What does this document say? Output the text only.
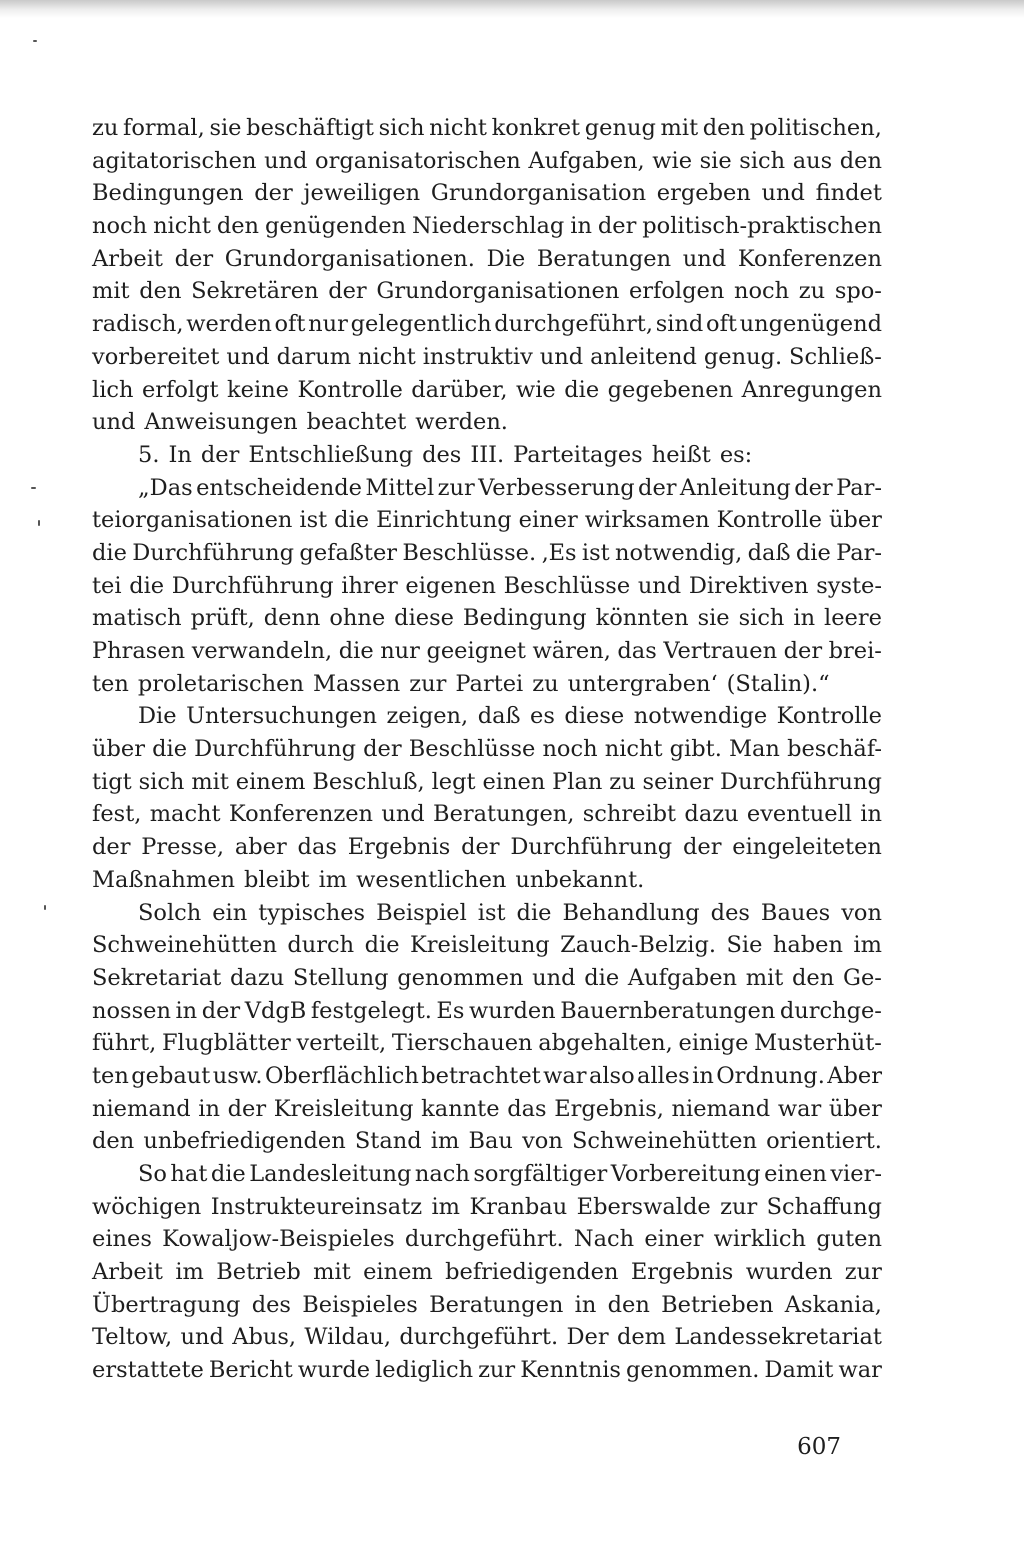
zu formal, sie beschäftigt sich nicht konkret genug mit den politischen,
agitatorischen und organisatorischen Aufgaben, wie sie sich aus den
Bedingungen der jeweiligen Grundorganisation ergeben und findet
noch nicht den genügenden Niederschlag in der politisch-praktischen
Arbeit der Grundorganisationen. Die Beratungen und Konferenzen
mit den Sekretären der Grundorganisationen erfolgen noch zu spo-
radisch, werden oft nur gelegentlich durchgeführt, sind oft ungenügend
vorbereitet und darum nicht instruktiv und anleitend genug. Schließ-
lich erfolgt keine Kontrolle darüber, wie die gegebenen Anregungen
und Anweisungen beachtet werden.
5. In der Entschließung des III. Parteitages heißt es:
„Das entscheidende Mittel zur Verbesserung der Anleitung der Par-
teiorganisationen ist die Einrichtung einer wirksamen Kontrolle über
die Durchführung gefaßter Beschlüsse. ‚Es ist notwendig, daß die Par-
tei die Durchführung ihrer eigenen Beschlüsse und Direktiven syste-
matisch prüft, denn ohne diese Bedingung könnten sie sich in leere
Phrasen verwandeln, die nur geeignet wären, das Vertrauen der brei-
ten proletarischen Massen zur Partei zu untergraben‘ (Stalin).“
Die Untersuchungen zeigen, daß es diese notwendige Kontrolle
über die Durchführung der Beschlüsse noch nicht gibt. Man beschäf-
tigt sich mit einem Beschluß, legt einen Plan zu seiner Durchführung
fest, macht Konferenzen und Beratungen, schreibt dazu eventuell in
der Presse, aber das Ergebnis der Durchführung der eingeleiteten
Maßnahmen bleibt im wesentlichen unbekannt.
Solch ein typisches Beispiel ist die Behandlung des Baues von
Schweinehütten durch die Kreisleitung Zauch-Belzig. Sie haben im
Sekretariat dazu Stellung genommen und die Aufgaben mit den Ge-
nossen in der VdgB festgelegt. Es wurden Bauernberatungen durchge-
führt, Flugblätter verteilt, Tierschauen abgehalten, einige Musterhüt-
ten gebaut usw. Oberflächlich betrachtet war also alles in Ordnung. Aber
niemand in der Kreisleitung kannte das Ergebnis, niemand war über
den unbefriedigenden Stand im Bau von Schweinehütten orientiert.
So hat die Landesleitung nach sorgfältiger Vorbereitung einen vier-
wöchigen Instrukteureinsatz im Kranbau Eberswalde zur Schaffung
eines Kowaljow-Beispieles durchgeführt. Nach einer wirklich guten
Arbeit im Betrieb mit einem befriedigenden Ergebnis wurden zur
Übertragung des Beispieles Beratungen in den Betrieben Askania,
Teltow, und Abus, Wildau, durchgeführt. Der dem Landessekretariat
erstattete Bericht wurde lediglich zur Kenntnis genommen. Damit war
607
